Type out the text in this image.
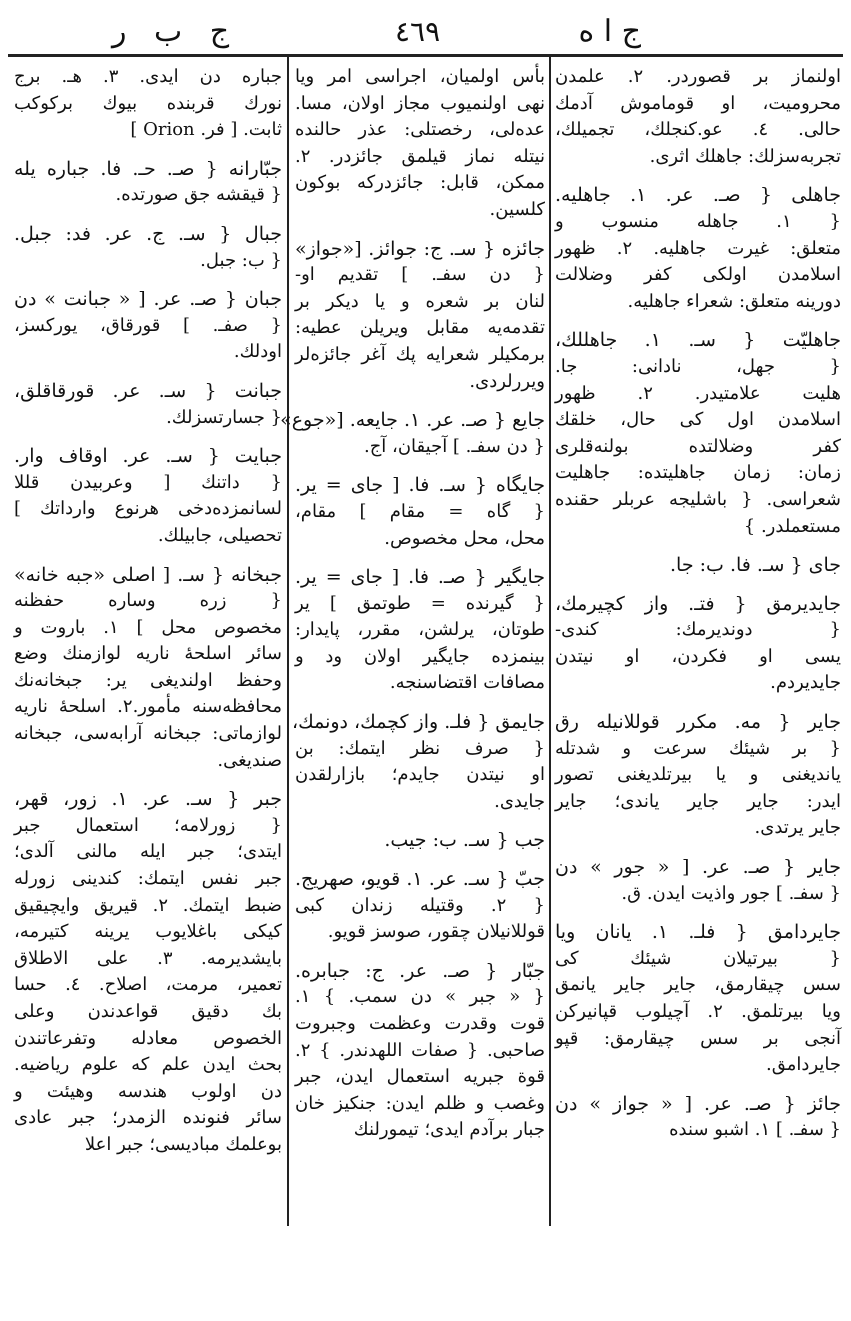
ج ا ه
٤٦٩
ج ب ر
اولنماز بر قصوردر. ۲. علمدن
محرومیت، او قوماموش آدمك
حالی. ٤. عو.کنجلك، تجمیلك،
تجربه‌سزلك: جاهلك اثری.
جاهلی { صـ. عر. ۱. جاهلیه.
{ ۱. جاهله منسوب و
متعلق: غیرت جاهلیه. ۲. ظهور
اسلامدن اولکی کفر وضلالت
دورینه متعلق: شعراء جاهلیه.
جاهلیّت { سـ. ۱. جاهللك،
{ جهل، نادانی: جا.
هلیت علامتیدر. ۲. ظهور
اسلامدن اول کی حال، خلقك
کفر وضلالتده بولنه‌قلری
زمان: زمان جاهلیتده: جاهلیت
شعراسی. { باشلیجه عربلر حقنده
مستعملدر. }
جای { سـ. فا. ب: جا.
جایدیرمق { فتـ. واز کچیرمك،
{ دوندیرمك: کندی-
یسی او فکردن، او نیتدن
جایدیردم.
جایر { مه. مکرر قوللانیله رق
{ بر شیئك سرعت و شدتله
یاندیغنی و یا بیرتلدیغنی تصور
ایدر: جایر جایر یاندی؛ جایر
جایر یرتدی.
جایر { صـ. عر. [ « جور » دن
{ سفـ. ] جور واذیت ایدن. ق.
جایردامق { فلـ. ۱. یانان ویا
{ بیرتیلان شیئك کی
سس چیقارمق، جایر جایر یانمق
ویا بیرتلمق. ۲. آچیلوب قپانیرکن
آنجی بر سس چیقارمق: قپو
جایردامق.
جائز { صـ. عر. [ « جواز » دن
{ سفـ. ] ۱. اشبو سنده
بأس اولمیان، اجراسی امر ویا
نهی اولنمیوب مجاز اولان، مسا.
عده‌لی، رخصتلی: عذر حالنده
نیتله نماز قیلمق جائزدر. ۲.
ممکن، قابل: جائزدرکه بوکون
کلسین.
جائزه { سـ. ج: جوائز. [«جواز»
{ دن سفـ. ] تقدیم او-
لنان بر شعره و یا دیکر بر
تقدمه‌یه مقابل ویریلن عطیه:
برمکیلر شعرایه پك آغر جائزه‌لر
ویررلردی.
جایع { صـ. عر. ۱. جایعه. [«جوع»
{ دن سفـ. ] آجیقان، آج.
جایگاه { سـ. فا. [ جای = یر.
{ گاه = مقام ] مقام،
محل، محل مخصوص.
جایگیر { صـ. فا. [ جای = یر.
{ گیرنده = طوتمق ] یر
طوتان، یرلشن، مقرر، پایدار:
بینمزده جایگیر اولان ود و
مصافات اقتضاسنجه.
جایمق { فلـ. واز کچمك، دونمك،
{ صرف نظر ایتمك: بن
او نیتدن جایدم؛ بازارلقدن
جایدی.
جب { سـ. ب: جیب.
جبّ { سـ. عر. ۱. قویو، صهریج.
{ ۲. وقتیله زندان کبی
قوللانیلان چقور، صوسز قویو.
جبّار { صـ. عر. ج: جبابره.
{ « جبر » دن سمب. } ۱.
قوت وقدرت وعظمت وجبروت
صاحبی. { صفات اللهدندر. } ۲.
قوة جبریه استعمال ایدن، جبر
وغصب و ظلم ایدن: جنکیز خان
جبار برآدم ایدی؛ تیمورلنك
جباره دن ایدی. ۳. هـ. برج
نورك قربنده بیوك بركوكب
ثابت. [ فر. Orion ]
جبّارانه { صـ. حـ. فا. جباره یله
{ قیقشه جق صورتده.
جبال { سـ. ج. عر. فد: جبل.
{ ب: جبل.
جبان { صـ. عر. [ « جبانت » دن
{ صفـ. ] قورقاق، یورکسز،
اودلك.
جبانت { سـ. عر. قورقاقلق،
{ جسارتسزلك.
جبایت { سـ. عر. اوقاف وار.
{ داتنك [ وعربیدن قللا
لسانمزده‌دخی هرنوع وارداتك ]
تحصیلی، جابیلك.
جبخانه { سـ. [ اصلی «جبه خانه»
{ زره وساره حفظنه
مخصوص محل ] ۱. باروت و
سائر اسلحهٔ ناریه لوازمنك وضع
وحفظ اولندیغی یر: جبخانه‌نك
محافظه‌سنه مأمور.۲. اسلحهٔ ناریه
لوازماتی: جبخانه آرابه‌سی، جبخانه
صندیغی.
جبر { سـ. عر. ۱. زور، قهر،
{ زورلامه؛ استعمال جبر
ایتدی؛ جبر ایله مالنی آلدی؛
جبر نفس ایتمك: کندینی زورله
ضبط ایتمك. ۲. قیریق وایچیقیق
کیکی باغلایوب یرینه کتیرمه،
بایشدیرمه. ۳. علی الاطلاق
تعمیر، مرمت، اصلاح. ٤. حسا
بك دقیق قواعدندن وعلی
الخصوص معادله وتفرعاتندن
بحث ایدن علم که علوم ریاضیه.
دن اولوب هندسه وهیئت و
سائر فنونده الزمدر؛ جبر عادی
بوعلمك مبادیسی؛ جبر اعلا
